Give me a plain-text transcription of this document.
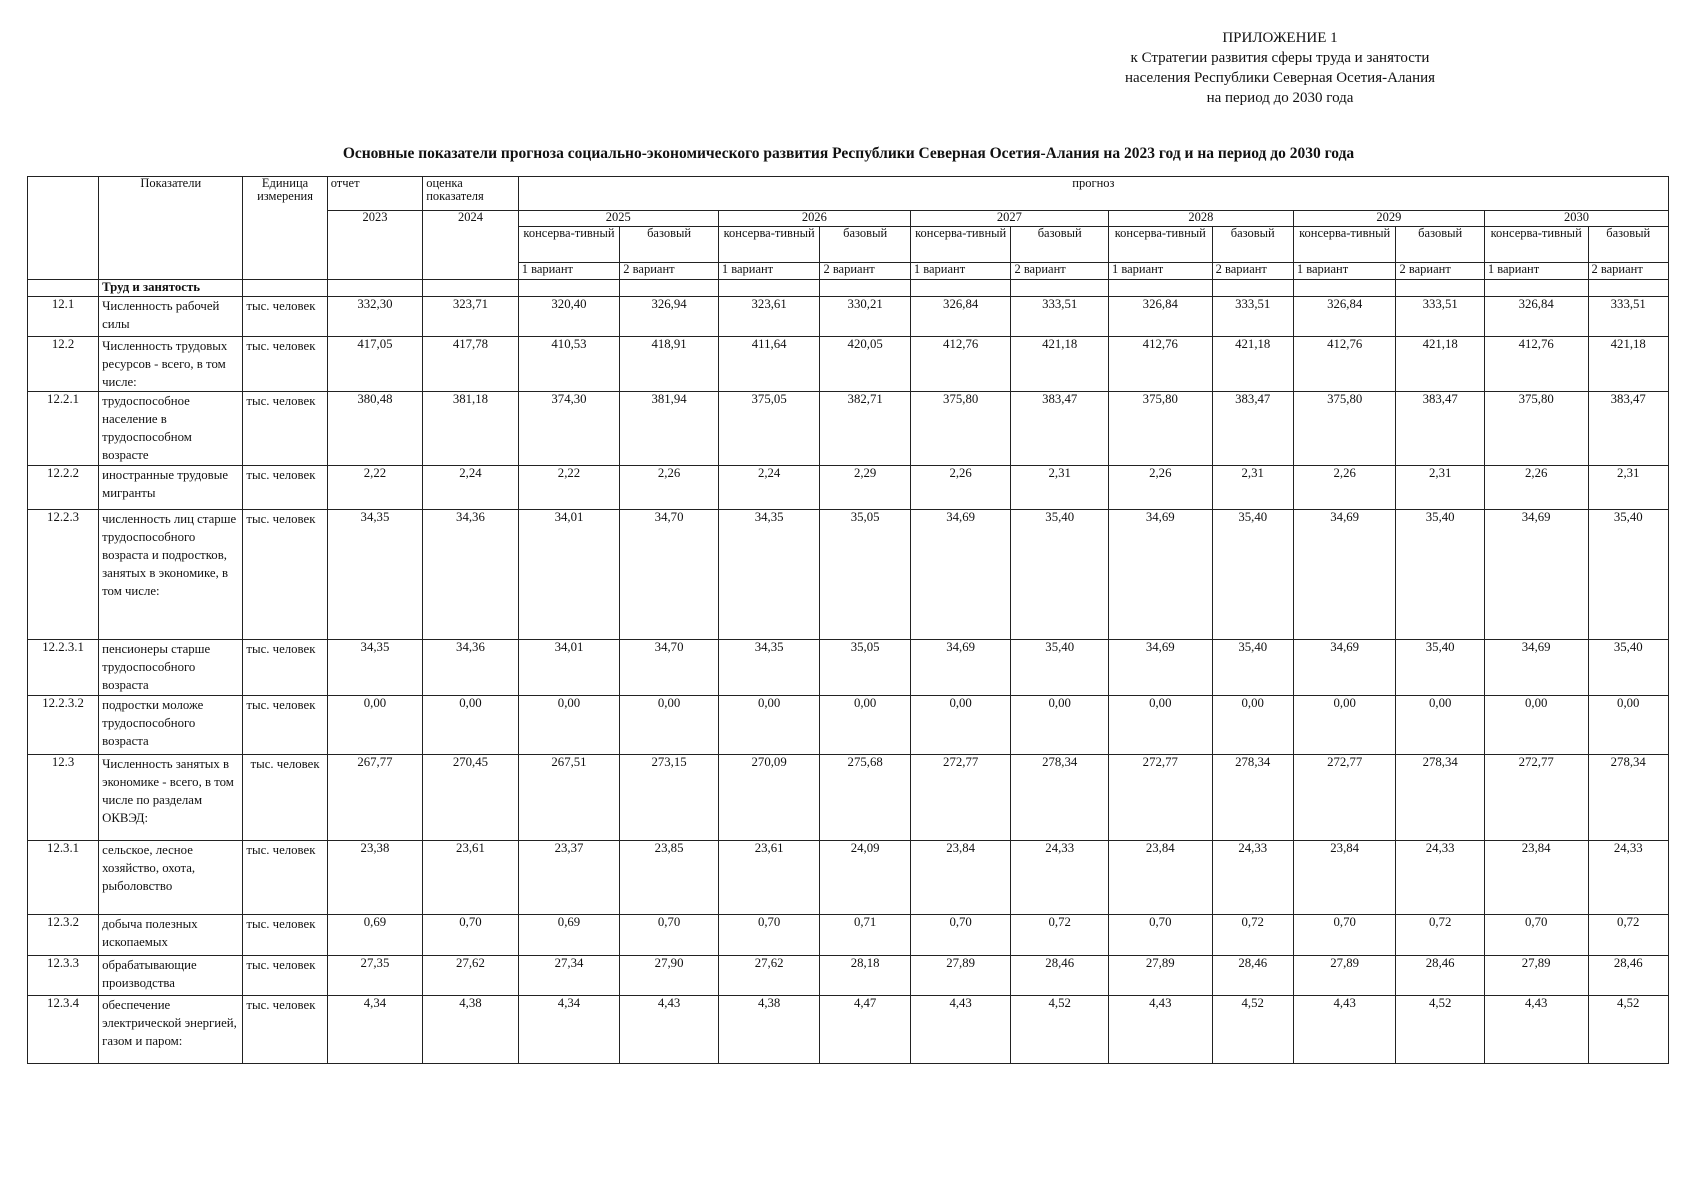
ПРИЛОЖЕНИЕ 1
к Стратегии развития сферы труда и занятости
населения Республики Северная Осетия-Алания
на период до 2030 года
Основные показатели прогноза социально-экономического развития Республики Северная Осетия-Алания на 2023 год и на период до 2030 года
	Показатели	Единица измерения	отчет	оценка показателя	прогноз											
			2023	2024	2025		2026		2027		2028		2029		2030	
					консерва-тивный	базовый	консерва-тивный	базовый	консерва-тивный	базовый	консерва-тивный	базовый	консерва-тивный	базовый	консерва-тивный	базовый
					1 вариант	2 вариант	1 вариант	2 вариант	1 вариант	2 вариант	1 вариант	2 вариант	1 вариант	2 вариант	1 вариант	2 вариант
	Труд и занятость															
12.1	Численность рабочей силы	тыс. человек	332,30	323,71	320,40	326,94	323,61	330,21	326,84	333,51	326,84	333,51	326,84	333,51	326,84	333,51
12.2	Численность трудовых ресурсов - всего, в том числе:	тыс. человек	417,05	417,78	410,53	418,91	411,64	420,05	412,76	421,18	412,76	421,18	412,76	421,18	412,76	421,18
12.2.1	трудоспособное население в трудоспособном возрасте	тыс. человек	380,48	381,18	374,30	381,94	375,05	382,71	375,80	383,47	375,80	383,47	375,80	383,47	375,80	383,47
12.2.2	иностранные трудовые мигранты	тыс. человек	2,22	2,24	2,22	2,26	2,24	2,29	2,26	2,31	2,26	2,31	2,26	2,31	2,26	2,31
12.2.3	численность лиц старше трудоспособного возраста и подростков, занятых в экономике, в том числе:	тыс. человек	34,35	34,36	34,01	34,70	34,35	35,05	34,69	35,40	34,69	35,40	34,69	35,40	34,69	35,40
12.2.3.1	пенсионеры старше трудоспособного возраста	тыс. человек	34,35	34,36	34,01	34,70	34,35	35,05	34,69	35,40	34,69	35,40	34,69	35,40	34,69	35,40
12.2.3.2	подростки моложе трудоспособного возраста	тыс. человек	0,00	0,00	0,00	0,00	0,00	0,00	0,00	0,00	0,00	0,00	0,00	0,00	0,00	0,00
12.3	Численность занятых в экономике - всего, в том числе по разделам ОКВЭД:	тыс. человек	267,77	270,45	267,51	273,15	270,09	275,68	272,77	278,34	272,77	278,34	272,77	278,34	272,77	278,34
12.3.1	сельское, лесное хозяйство, охота, рыболовство	тыс. человек	23,38	23,61	23,37	23,85	23,61	24,09	23,84	24,33	23,84	24,33	23,84	24,33	23,84	24,33
12.3.2	добыча полезных ископаемых	тыс. человек	0,69	0,70	0,69	0,70	0,70	0,71	0,70	0,72	0,70	0,72	0,70	0,72	0,70	0,72
12.3.3	обрабатывающие производства	тыс. человек	27,35	27,62	27,34	27,90	27,62	28,18	27,89	28,46	27,89	28,46	27,89	28,46	27,89	28,46
12.3.4	обеспечение электрической энергией, газом и паром:	тыс. человек	4,34	4,38	4,34	4,43	4,38	4,47	4,43	4,52	4,43	4,52	4,43	4,52	4,43	4,52
